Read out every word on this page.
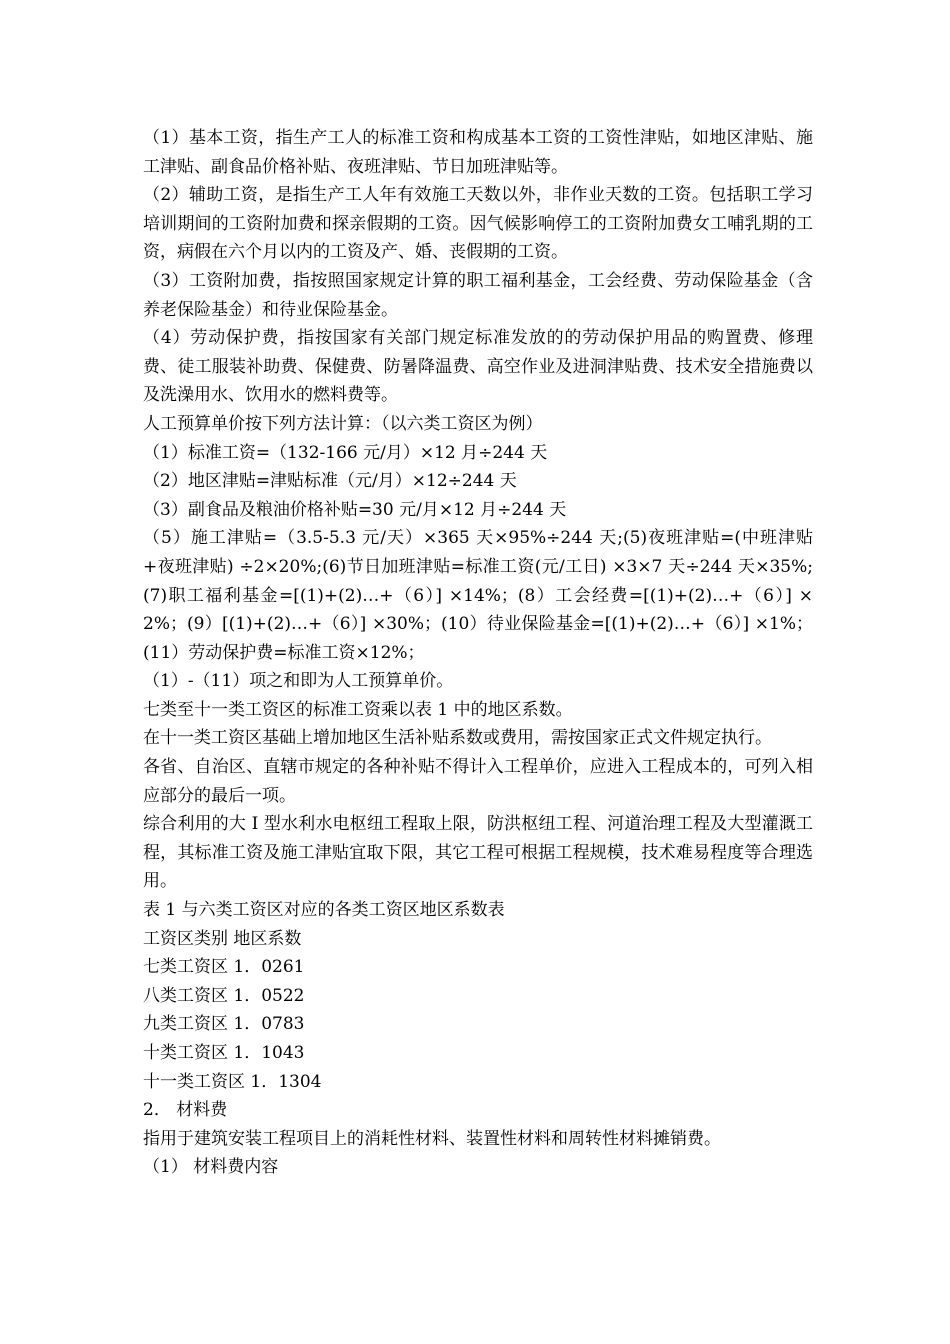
（1）基本工资，指生产工人的标准工资和构成基本工资的工资性津贴，如地区津贴、施工津贴、副食品价格补贴、夜班津贴、节日加班津贴等。

（2）辅助工资，是指生产工人年有效施工天数以外，非作业天数的工资。包括职工学习培训期间的工资附加费和探亲假期的工资。因气候影响停工的工资附加费女工哺乳期的工资，病假在六个月以内的工资及产、婚、丧假期的工资。

（3）工资附加费，指按照国家规定计算的职工福利基金，工会经费、劳动保险基金（含养老保险基金）和待业保险基金。

（4）劳动保护费，指按国家有关部门规定标准发放的的劳动保护用品的购置费、修理费、徒工服装补助费、保健费、防暑降温费、高空作业及进洞津贴费、技术安全措施费以及洗澡用水、饮用水的燃料费等。

人工预算单价按下列方法计算：（以六类工资区为例）

（1）标准工资=（132-166 元/月）×12 月÷244 天

（2）地区津贴=津贴标准（元/月）×12÷244 天

（3）副食品及粮油价格补贴=30 元/月×12 月÷244 天

（5）施工津贴=（3.5-5.3 元/天）×365 天×95%÷244 天;(5)夜班津贴=(中班津贴+夜班津贴) ÷2×20%;(6)节日加班津贴=标准工资(元/工日) ×3×7 天÷244 天×35%;(7)职工福利基金=[(1)+(2)…+（6）] ×14%；(8）工会经费=[(1)+(2)…+（6）] ×2%；(9）[(1)+(2)…+（6）] ×30%；(10）待业保险基金=[(1)+(2)…+（6）] ×1%；(11）劳动保护费=标准工资×12%；

（1）-（11）项之和即为人工预算单价。

七类至十一类工资区的标准工资乘以表 1 中的地区系数。

在十一类工资区基础上增加地区生活补贴系数或费用，需按国家正式文件规定执行。

各省、自治区、直辖市规定的各种补贴不得计入工程单价，应进入工程成本的，可列入相应部分的最后一项。

综合利用的大 I 型水利水电枢纽工程取上限，防洪枢纽工程、河道治理工程及大型灌溉工程，其标准工资及施工津贴宜取下限，其它工程可根据工程规模，技术难易程度等合理选用。

表 1 与六类工资区对应的各类工资区地区系数表

工资区类别 地区系数

七类工资区 1．0261

八类工资区 1．0522

九类工资区 1．0783

十类工资区 1．1043

十一类工资区 1．1304

2． 材料费

指用于建筑安装工程项目上的消耗性材料、装置性材料和周转性材料摊销费。

（1） 材料费内容
